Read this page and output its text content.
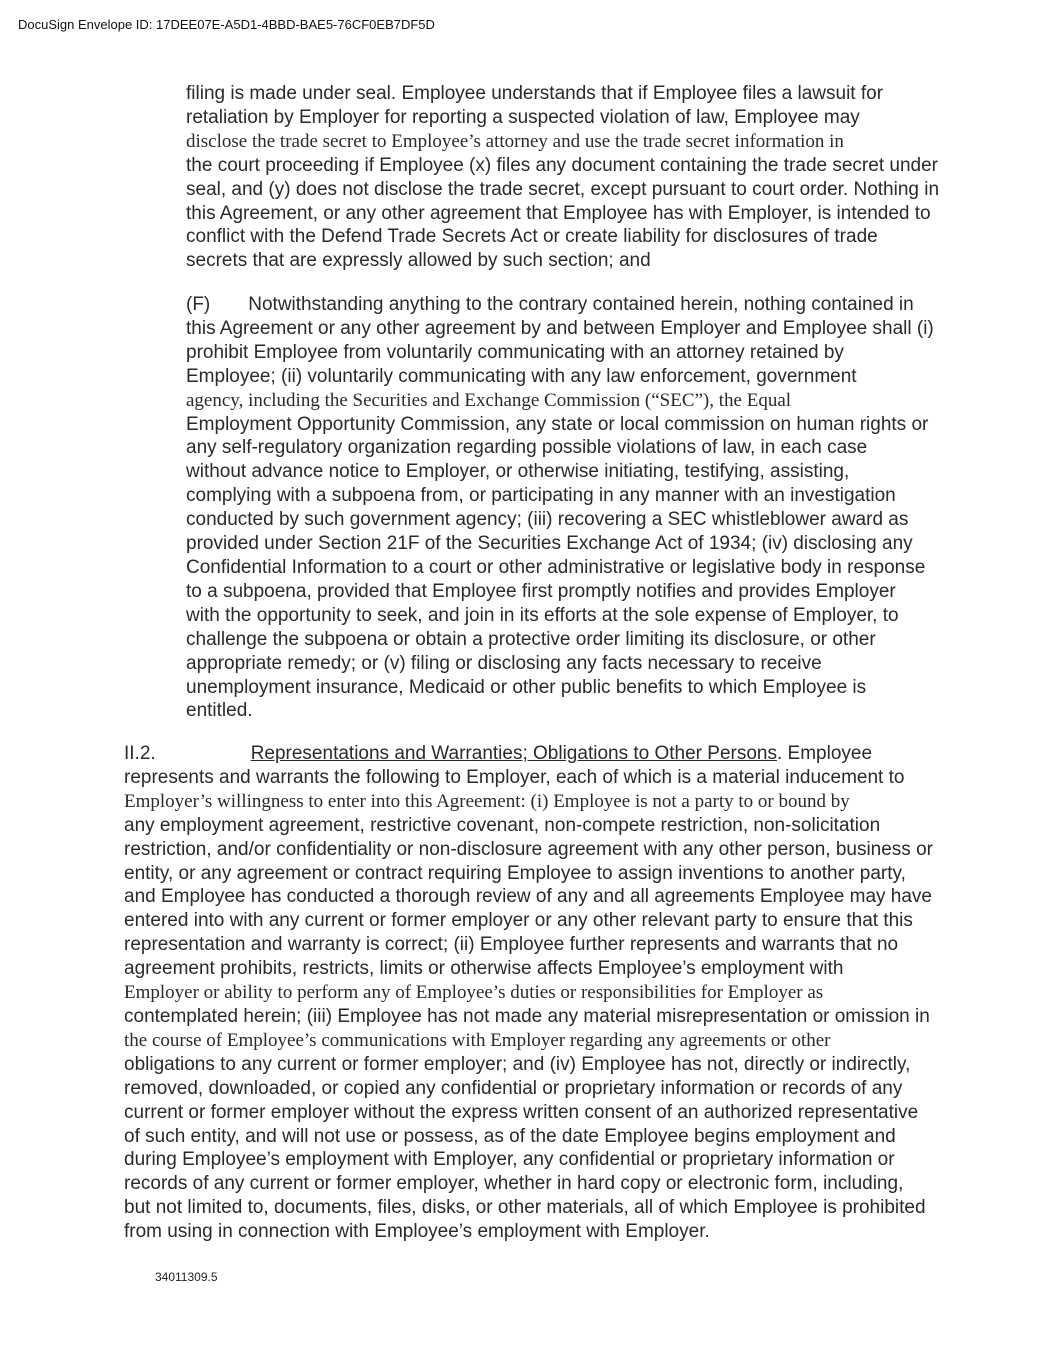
DocuSign Envelope ID: 17DEE07E-A5D1-4BBD-BAE5-76CF0EB7DF5D
filing is made under seal. Employee understands that if Employee files a lawsuit for
retaliation by Employer for reporting a suspected violation of law, Employee may
disclose the trade secret to Employee’s attorney and use the trade secret information in
the court proceeding if Employee (x) files any document containing the trade secret under
seal, and (y) does not disclose the trade secret, except pursuant to court order. Nothing in
this Agreement, or any other agreement that Employee has with Employer, is intended to
conflict with the Defend Trade Secrets Act or create liability for disclosures of trade
secrets that are expressly allowed by such section; and
(F) Notwithstanding anything to the contrary contained herein, nothing contained in
this Agreement or any other agreement by and between Employer and Employee shall (i)
prohibit Employee from voluntarily communicating with an attorney retained by
Employee; (ii) voluntarily communicating with any law enforcement, government
agency, including the Securities and Exchange Commission (“SEC”), the Equal
Employment Opportunity Commission, any state or local commission on human rights or
any self-regulatory organization regarding possible violations of law, in each case
without advance notice to Employer, or otherwise initiating, testifying, assisting,
complying with a subpoena from, or participating in any manner with an investigation
conducted by such government agency; (iii) recovering a SEC whistleblower award as
provided under Section 21F of the Securities Exchange Act of 1934; (iv) disclosing any
Confidential Information to a court or other administrative or legislative body in response
to a subpoena, provided that Employee first promptly notifies and provides Employer
with the opportunity to seek, and join in its efforts at the sole expense of Employer, to
challenge the subpoena or obtain a protective order limiting its disclosure, or other
appropriate remedy; or (v) filing or disclosing any facts necessary to receive
unemployment insurance, Medicaid or other public benefits to which Employee is
entitled.
II.2.	Representations and Warranties; Obligations to Other Persons. Employee
represents and warrants the following to Employer, each of which is a material inducement to
Employer’s willingness to enter into this Agreement: (i) Employee is not a party to or bound by
any employment agreement, restrictive covenant, non-compete restriction, non-solicitation
restriction, and/or confidentiality or non-disclosure agreement with any other person, business or
entity, or any agreement or contract requiring Employee to assign inventions to another party,
and Employee has conducted a thorough review of any and all agreements Employee may have
entered into with any current or former employer or any other relevant party to ensure that this
representation and warranty is correct; (ii) Employee further represents and warrants that no
agreement prohibits, restricts, limits or otherwise affects Employee’s employment with
Employer or ability to perform any of Employee’s duties or responsibilities for Employer as
contemplated herein; (iii) Employee has not made any material misrepresentation or omission in
the course of Employee’s communications with Employer regarding any agreements or other
obligations to any current or former employer; and (iv) Employee has not, directly or indirectly,
removed, downloaded, or copied any confidential or proprietary information or records of any
current or former employer without the express written consent of an authorized representative
of such entity, and will not use or possess, as of the date Employee begins employment and
during Employee’s employment with Employer, any confidential or proprietary information or
records of any current or former employer, whether in hard copy or electronic form, including,
but not limited to, documents, files, disks, or other materials, all of which Employee is prohibited
from using in connection with Employee’s employment with Employer.
34011309.5
